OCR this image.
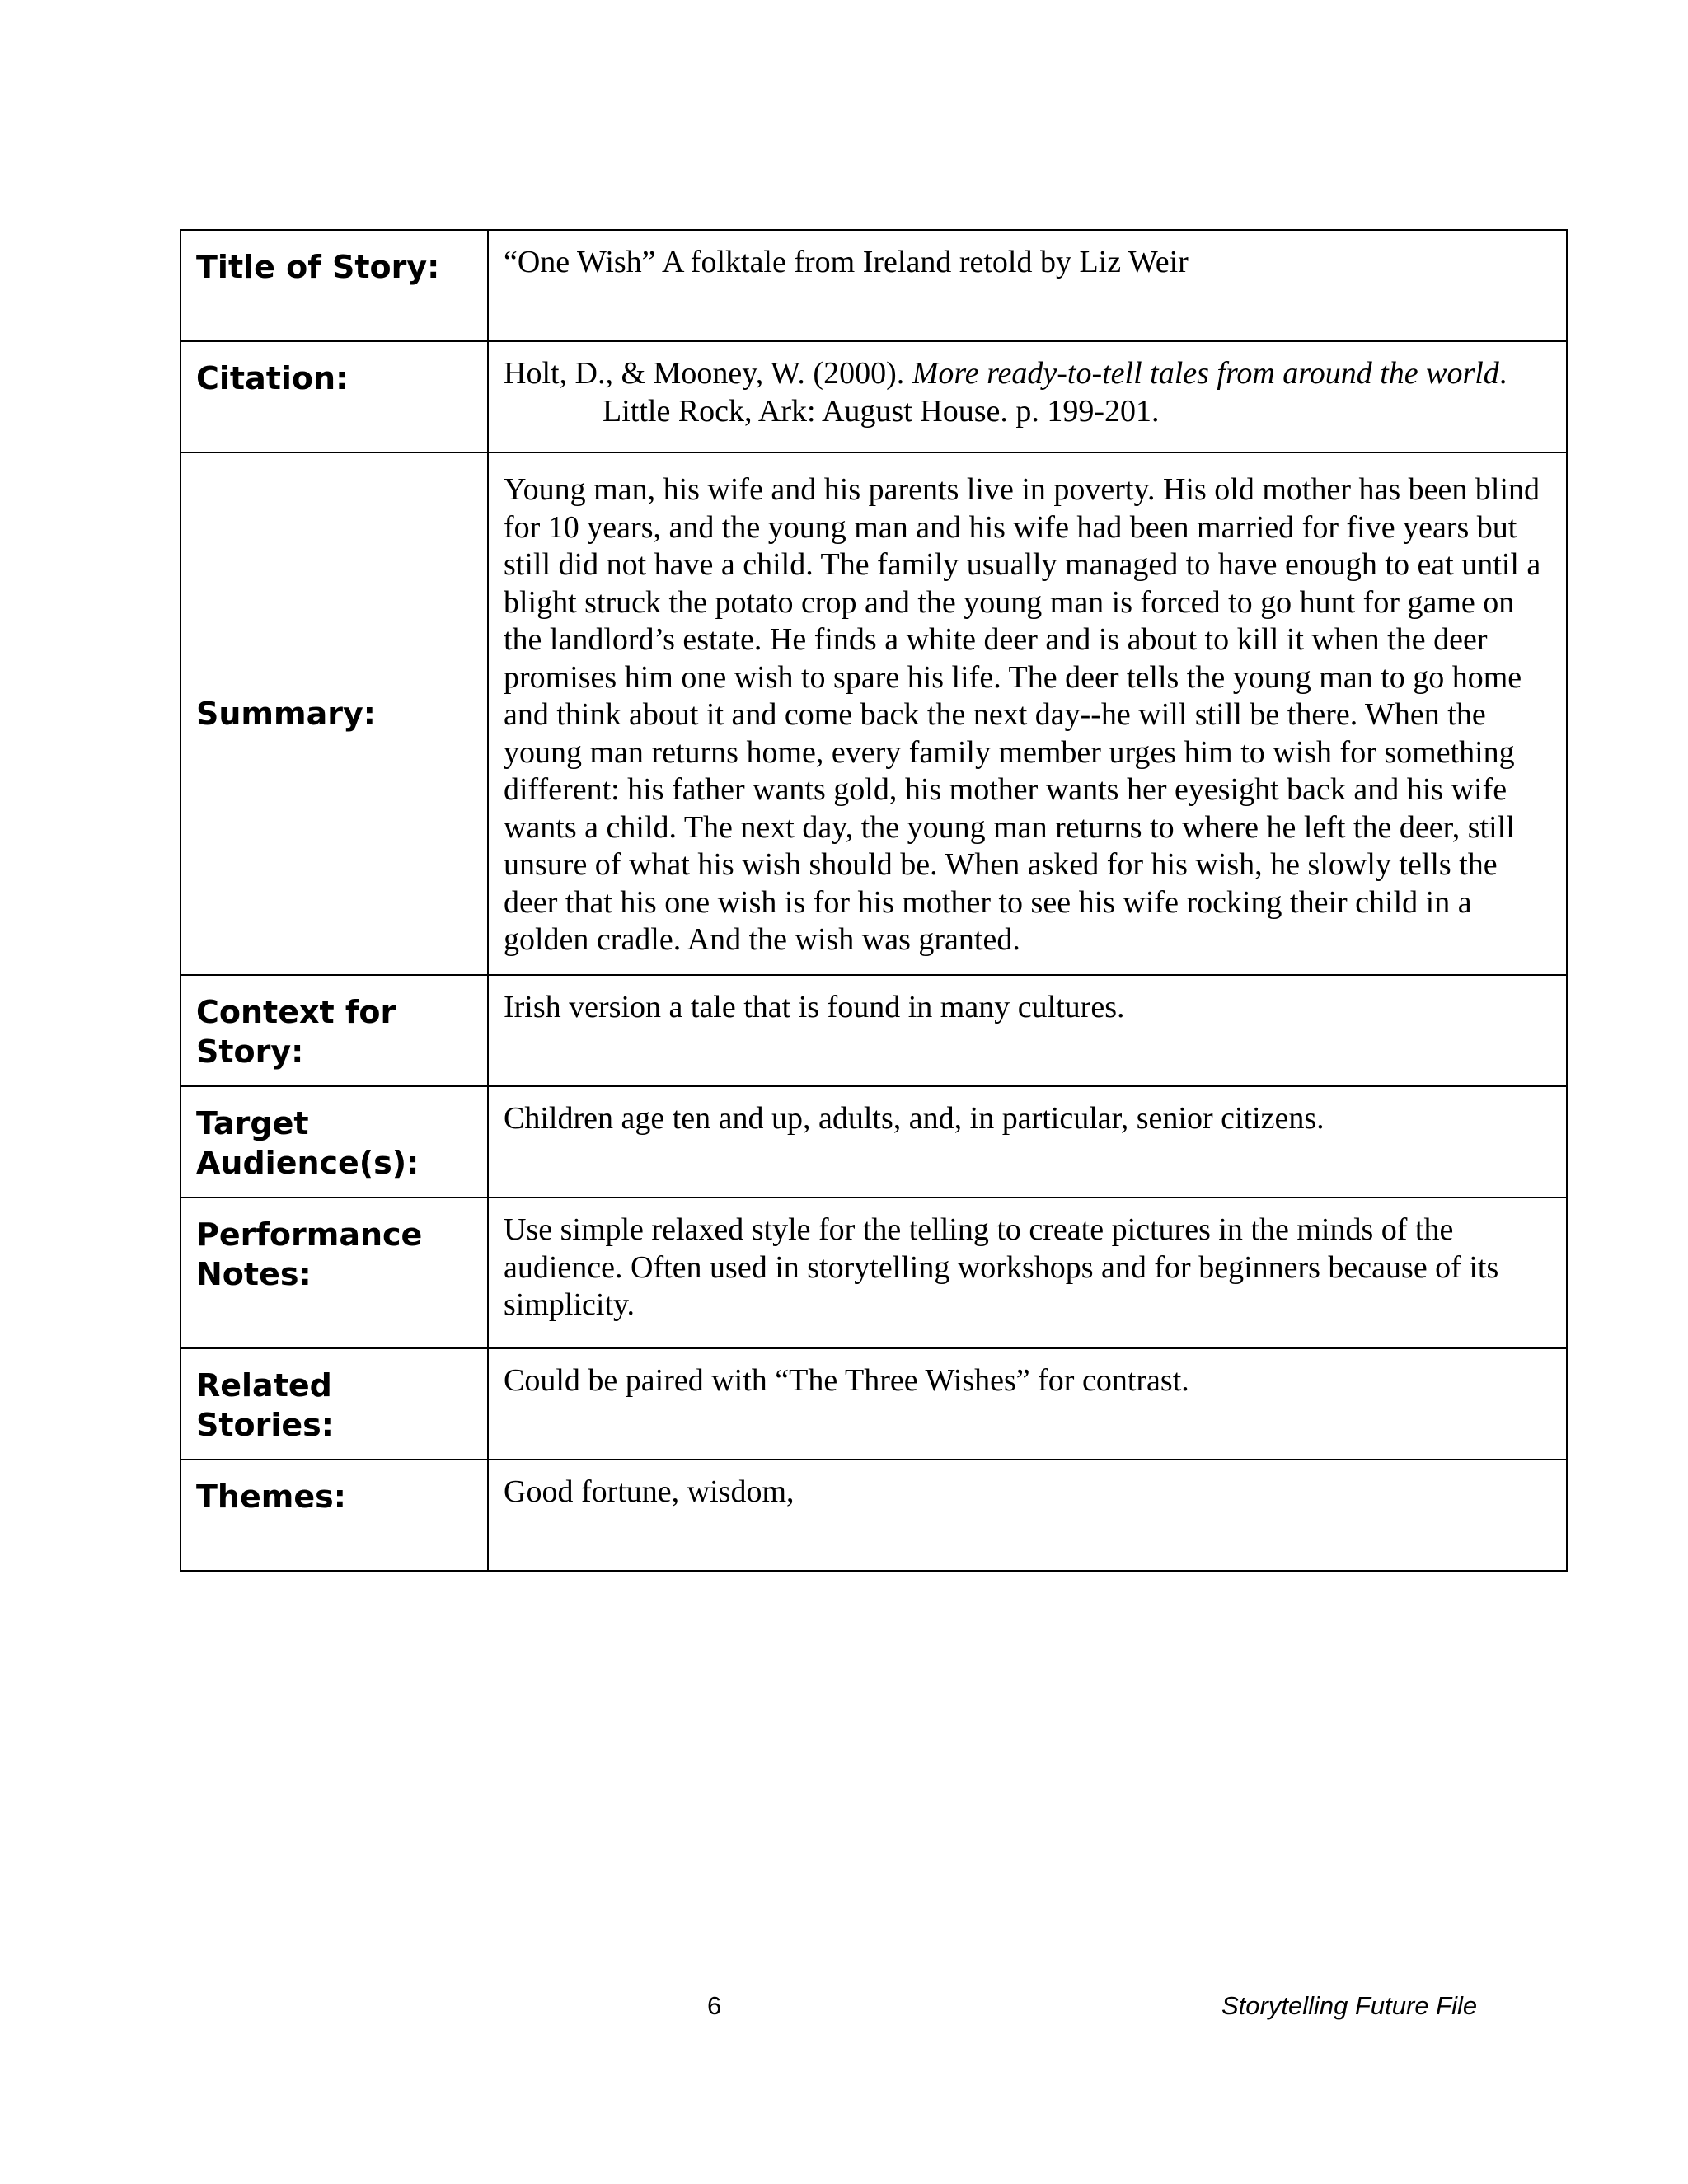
Title of Story:	“One Wish” A folktale from Ireland retold by Liz Weir

Citation:	Holt, D., & Mooney, W. (2000). More ready-to-tell tales from around the world. Little Rock, Ark: August House. p. 199-201.

Summary:	Young man, his wife and his parents live in poverty. His old mother has been blind for 10 years, and the young man and his wife had been married for five years but still did not have a child. The family usually managed to have enough to eat until a blight struck the potato crop and the young man is forced to go hunt for game on the landlord’s estate. He finds a white deer and is about to kill it when the deer promises him one wish to spare his life. The deer tells the young man to go home and think about it and come back the next day--he will still be there. When the young man returns home, every family member urges him to wish for something different: his father wants gold, his mother wants her eyesight back and his wife wants a child. The next day, the young man returns to where he left the deer, still unsure of what his wish should be. When asked for his wish, he slowly tells the deer that his one wish is for his mother to see his wife rocking their child in a golden cradle. And the wish was granted.

Context for Story:	Irish version a tale that is found in many cultures.

Target Audience(s):	Children age ten and up, adults, and, in particular, senior citizens.

Performance Notes:	Use simple relaxed style for the telling to create pictures in the minds of the audience. Often used in storytelling workshops and for beginners because of its simplicity.

Related Stories:	Could be paired with “The Three Wishes” for contrast.

Themes:	Good fortune, wisdom,

6	Storytelling Future File
